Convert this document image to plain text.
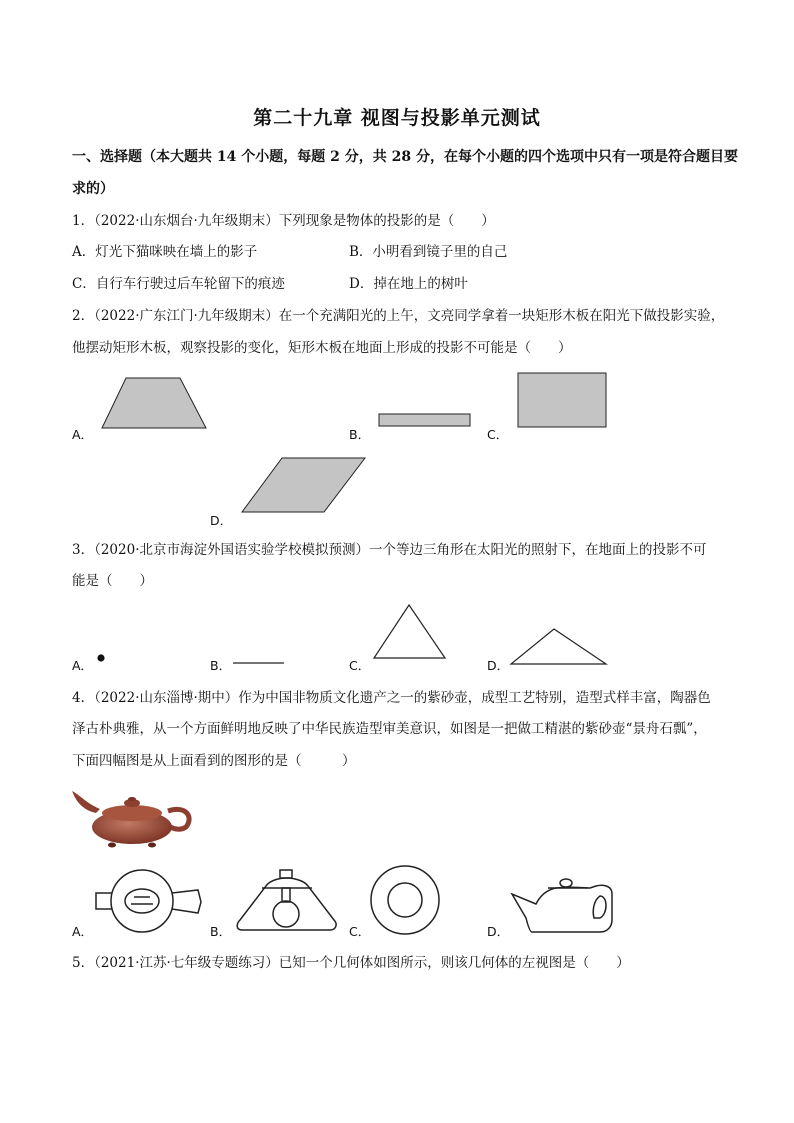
第二十九章 视图与投影单元测试
一、选择题（本大题共 14 个小题，每题 2 分，共 28 分，在每个小题的四个选项中只有一项是符合题目要
求的）
1．（2022·山东烟台·九年级期末）下列现象是物体的投影的是（　　）
A．灯光下猫咪映在墙上的影子	B．小明看到镜子里的自己
C．自行车行驶过后车轮留下的痕迹	D．掉在地上的树叶
2．（2022·广东江门·九年级期末）在一个充满阳光的上午，文亮同学拿着一块矩形木板在阳光下做投影实验，
他摆动矩形木板，观察投影的变化，矩形木板在地面上形成的投影不可能是（　　）
A．	B．	C．
D．
3．（2020·北京市海淀外国语实验学校模拟预测）一个等边三角形在太阳光的照射下，在地面上的投影不可
能是（　　）
A．	B．	C．	D．
4．（2022·山东淄博·期中）作为中国非物质文化遗产之一的紫砂壶，成型工艺特别，造型式样丰富，陶器色
泽古朴典雅，从一个方面鲜明地反映了中华民族造型审美意识，如图是一把做工精湛的紫砂壶“景舟石瓢”，
下面四幅图是从上面看到的图形的是（　　　）
A．	B．	C．	D．
5．（2021·江苏·七年级专题练习）已知一个几何体如图所示，则该几何体的左视图是（　　）
